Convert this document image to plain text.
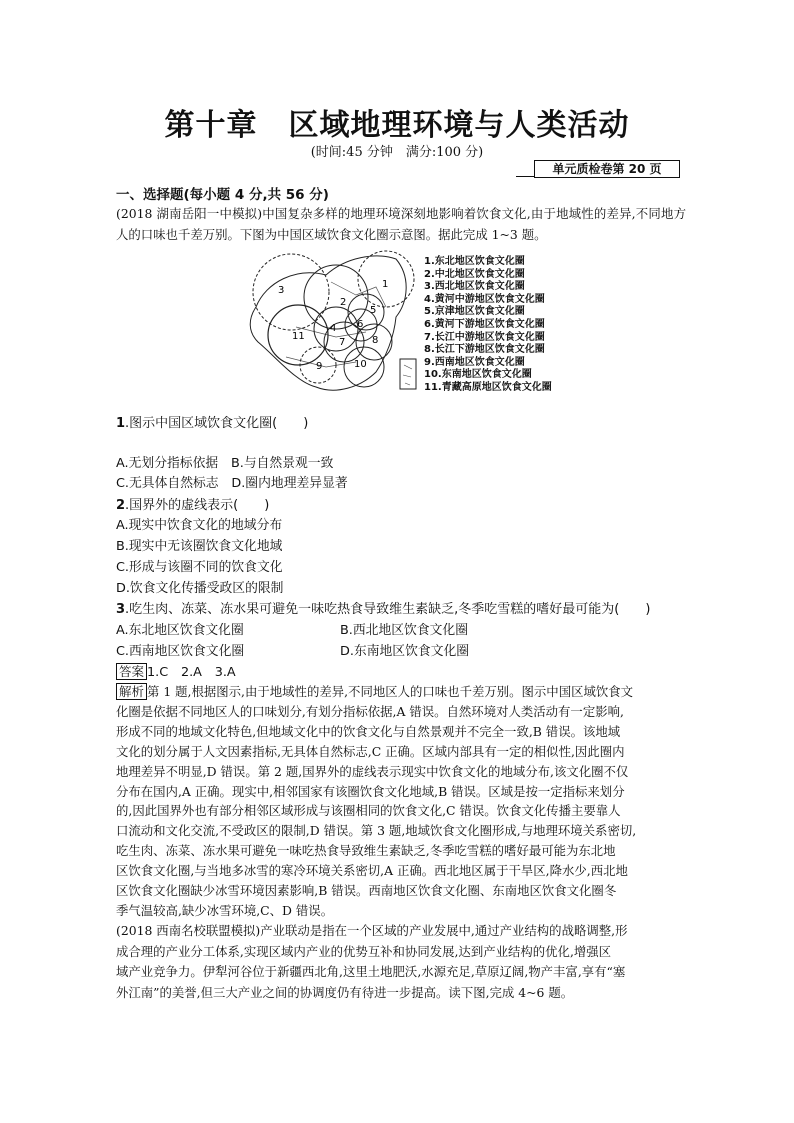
第十章　区域地理环境与人类活动
(时间:45 分钟　满分:100 分)
单元质检卷第 20 页
一、选择题(每小题 4 分,共 56 分)
(2018 湖南岳阳一中模拟)中国复杂多样的地理环境深刻地影响着饮食文化,由于地域性的差异,不同地方人的口味也千差万别。下图为中国区域饮食文化圈示意图。据此完成 1~3 题。
3
11
2
1
5
4 6
7	8
9	10
1.东北地区饮食文化圈
2.中北地区饮食文化圈
3.西北地区饮食文化圈
4.黄河中游地区饮食文化圈
5.京津地区饮食文化圈
6.黄河下游地区饮食文化圈
7.长江中游地区饮食文化圈
8.长江下游地区饮食文化圈
9.西南地区饮食文化圈
10.东南地区饮食文化圈
11.青藏高原地区饮食文化圈
1.图示中国区域饮食文化圈(　　)
A.无划分指标依据　B.与自然景观一致
C.无具体自然标志　D.圈内地理差异显著
2.国界外的虚线表示(　　)
A.现实中饮食文化的地域分布
B.现实中无该圈饮食文化地域
C.形成与该圈不同的饮食文化
D.饮食文化传播受政区的限制
3.吃生肉、冻菜、冻水果可避免一味吃热食导致维生素缺乏,冬季吃雪糕的嗜好最可能为(　　)
A.东北地区饮食文化圈	B.西北地区饮食文化圈
C.西南地区饮食文化圈	D.东南地区饮食文化圈
答案 1.C　2.A　3.A
解析 第 1 题,根据图示,由于地域性的差异,不同地区人的口味也千差万别。图示中国区域饮食文
化圈是依据不同地区人的口味划分,有划分指标依据,A 错误。自然环境对人类活动有一定影响,
形成不同的地域文化特色,但地域文化中的饮食文化与自然景观并不完全一致,B 错误。该地域
文化的划分属于人文因素指标,无具体自然标志,C 正确。区域内部具有一定的相似性,因此圈内
地理差异不明显,D 错误。第 2 题,国界外的虚线表示现实中饮食文化的地域分布,该文化圈不仅
分布在国内,A 正确。现实中,相邻国家有该圈饮食文化地域,B 错误。区域是按一定指标来划分
的,因此国界外也有部分相邻区域形成与该圈相同的饮食文化,C 错误。饮食文化传播主要靠人
口流动和文化交流,不受政区的限制,D 错误。第 3 题,地域饮食文化圈形成,与地理环境关系密切,
吃生肉、冻菜、冻水果可避免一味吃热食导致维生素缺乏,冬季吃雪糕的嗜好最可能为东北地
区饮食文化圈,与当地多冰雪的寒冷环境关系密切,A 正确。西北地区属于干旱区,降水少,西北地
区饮食文化圈缺少冰雪环境因素影响,B 错误。西南地区饮食文化圈、东南地区饮食文化圈冬
季气温较高,缺少冰雪环境,C、D 错误。
(2018 西南名校联盟模拟)产业联动是指在一个区域的产业发展中,通过产业结构的战略调整,形
成合理的产业分工体系,实现区域内产业的优势互补和协同发展,达到产业结构的优化,增强区
域产业竞争力。伊犁河谷位于新疆西北角,这里土地肥沃,水源充足,草原辽阔,物产丰富,享有“塞
外江南”的美誉,但三大产业之间的协调度仍有待进一步提高。读下图,完成 4~6 题。
